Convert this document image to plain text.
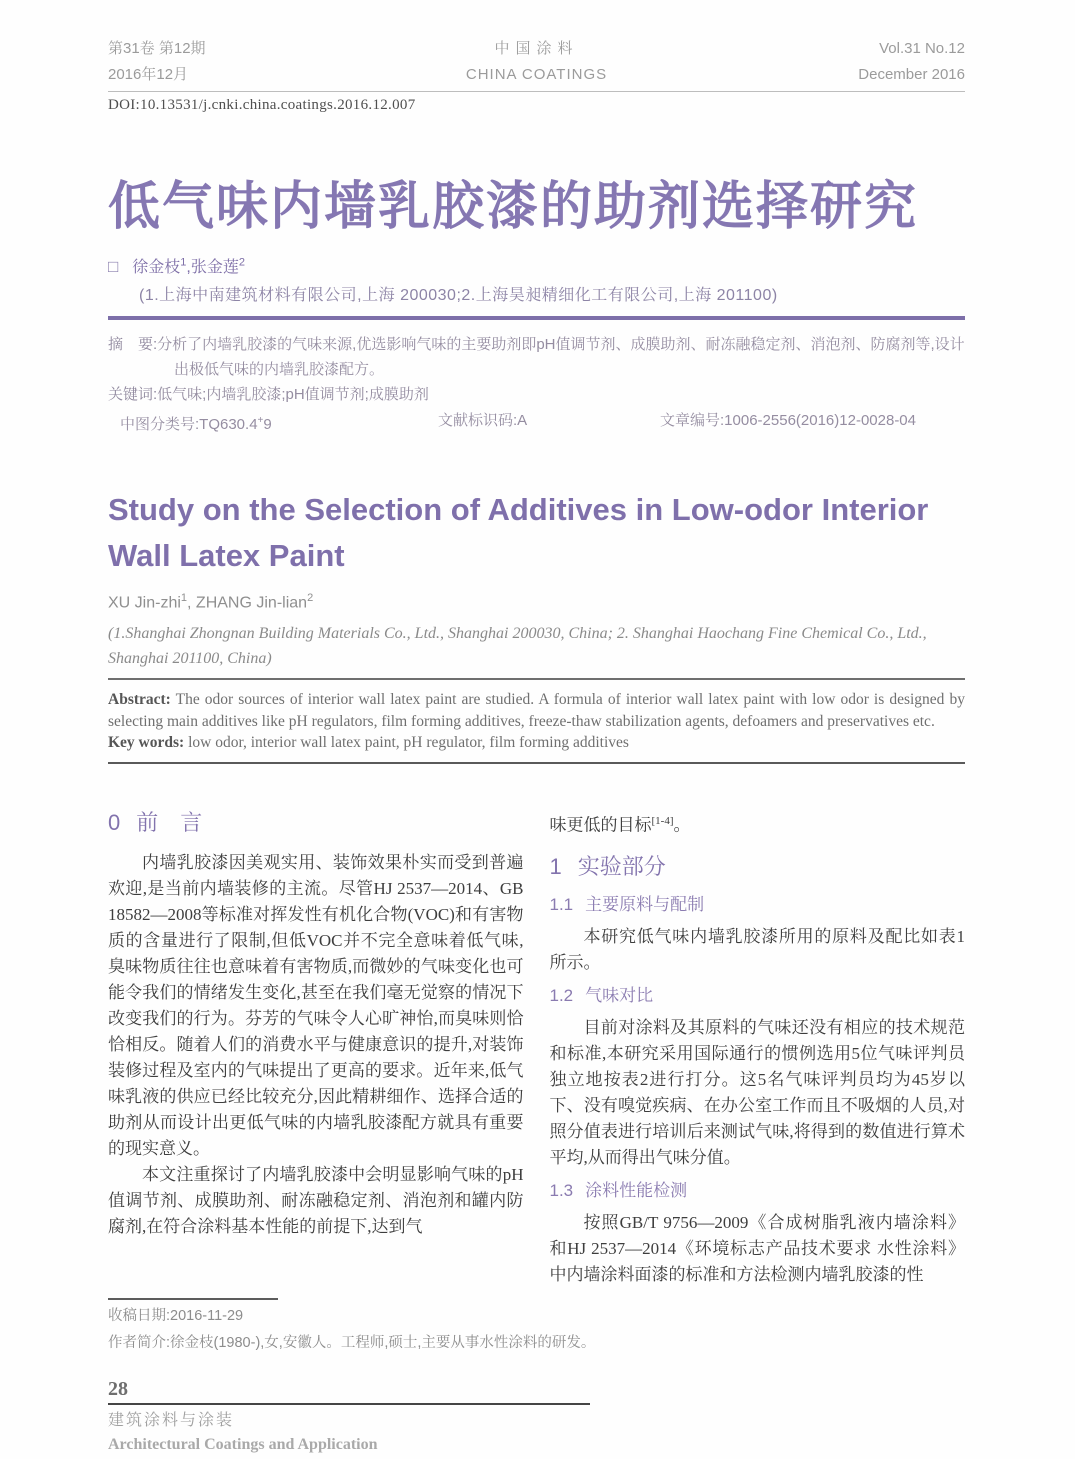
第31卷 第12期
2016年12月
中国涂料
CHINA COATINGS
Vol.31 No.12
December 2016
DOI:10.13531/j.cnki.china.coatings.2016.12.007
低气味内墙乳胶漆的助剂选择研究
□ 徐金枝$^1$,张金莲$^2$
(1.上海中南建筑材料有限公司,上海 200030;2.上海昊昶精细化工有限公司,上海 201100)

摘　要:分析了内墙乳胶漆的气味来源,优选影响气味的主要助剂即pH值调节剂、成膜助剂、耐冻融稳定剂、消泡剂、防腐剂等,设计出极低气味的内墙乳胶漆配方。

关键词:低气味;内墙乳胶漆;pH值调节剂;成膜助剂

中图分类号:TQ630.4+9	文献标识码:A	文章编号:1006-2556(2016)12-0028-04
Study on the Selection of Additives in Low-odor Interior
Wall Latex Paint
XU Jin-zhi$^1$, ZHANG Jin-lian$^2$
(1.Shanghai Zhongnan Building Materials Co., Ltd., Shanghai 200030, China; 2. Shanghai Haochang Fine Chemical Co., Ltd., Shanghai 201100, China)

Abstract: The odor sources of interior wall latex paint are studied. A formula of interior wall latex paint with low odor is designed by selecting main additives like pH regulators, film forming additives, freeze-thaw stabilization agents, defoamers and preservatives etc.

Key words: low odor, interior wall latex paint, pH regulator, film forming additives

0 前　言

内墙乳胶漆因美观实用、装饰效果朴实而受到普遍欢迎,是当前内墙装修的主流。尽管HJ 2537—2014、GB 18582—2008等标准对挥发性有机化合物(VOC)和有害物质的含量进行了限制,但低VOC并不完全意味着低气味,臭味物质往往也意味着有害物质,而微妙的气味变化也可能令我们的情绪发生变化,甚至在我们毫无觉察的情况下改变我们的行为。芬芳的气味令人心旷神怡,而臭味则恰恰相反。随着人们的消费水平与健康意识的提升,对装饰装修过程及室内的气味提出了更高的要求。近年来,低气味乳液的供应已经比较充分,因此精耕细作、选择合适的助剂从而设计出更低气味的内墙乳胶漆配方就具有重要的现实意义。

本文注重探讨了内墙乳胶漆中会明显影响气味的pH值调节剂、成膜助剂、耐冻融稳定剂、消泡剂和罐内防腐剂,在符合涂料基本性能的前提下,达到气

味更低的目标[1-4]。

1 实验部分
1.1 主要原料与配制

本研究低气味内墙乳胶漆所用的原料及配比如表1所示。

1.2 气味对比

目前对涂料及其原料的气味还没有相应的技术规范和标准,本研究采用国际通行的惯例选用5位气味评判员独立地按表2进行打分。这5名气味评判员均为45岁以下、没有嗅觉疾病、在办公室工作而且不吸烟的人员,对照分值表进行培训后来测试气味,将得到的数值进行算术平均,从而得出气味分值。

1.3 涂料性能检测

按照GB/T 9756—2009《合成树脂乳液内墙涂料》和HJ 2537—2014《环境标志产品技术要求 水性涂料》中内墙涂料面漆的标准和方法检测内墙乳胶漆的性

收稿日期:2016-11-29
作者简介:徐金枝(1980-),女,安徽人。工程师,硕士,主要从事水性涂料的研发。
28
建筑涂料与涂装
Architectural Coatings and Application
